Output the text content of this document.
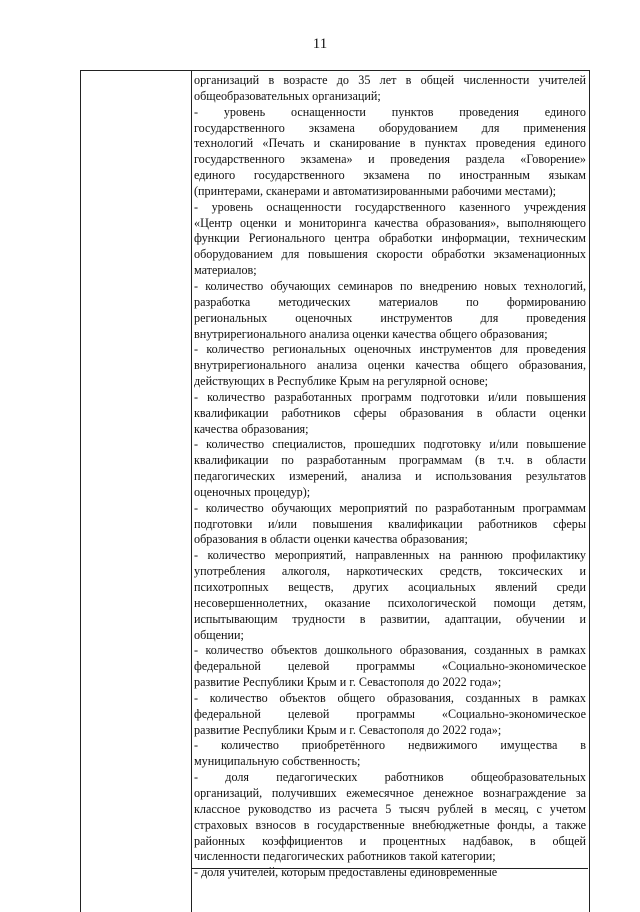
11
организаций в возрасте до 35 лет в общей численности учителей
общеобразовательных организаций;
- уровень оснащенности пунктов проведения единого
государственного экзамена оборудованием для применения
технологий «Печать и сканирование в пунктах проведения единого
государственного экзамена» и проведения раздела «Говорение»
единого государственного экзамена по иностранным языкам
(принтерами, сканерами и автоматизированными рабочими местами);
- уровень оснащенности государственного казенного учреждения
«Центр оценки и мониторинга качества образования», выполняющего
функции Регионального центра обработки информации, техническим
оборудованием для повышения скорости обработки экзаменационных
материалов;
- количество обучающих семинаров по внедрению новых технологий,
разработка методических материалов по формированию
региональных оценочных инструментов для проведения
внутрирегионального анализа оценки качества общего образования;
- количество региональных оценочных инструментов для проведения
внутрирегионального анализа оценки качества общего образования,
действующих в Республике Крым на регулярной основе;
- количество разработанных программ подготовки и/или повышения
квалификации работников сферы образования в области оценки
качества образования;
- количество специалистов, прошедших подготовку и/или повышение
квалификации по разработанным программам (в т.ч. в области
педагогических измерений, анализа и использования результатов
оценочных процедур);
- количество обучающих мероприятий по разработанным программам
подготовки и/или повышения квалификации работников сферы
образования в области оценки качества образования;
- количество мероприятий, направленных на раннюю профилактику
употребления алкоголя, наркотических средств, токсических и
психотропных веществ, других асоциальных явлений среди
несовершеннолетних, оказание психологической помощи детям,
испытывающим трудности в развитии, адаптации, обучении и
общении;
- количество объектов дошкольного образования, созданных в рамках
федеральной целевой программы «Социально-экономическое
развитие Республики Крым и г. Севастополя до 2022 года»;
- количество объектов общего образования, созданных в рамках
федеральной целевой программы «Социально-экономическое
развитие Республики Крым и г. Севастополя до 2022 года»;
- количество приобретённого недвижимого имущества в
муниципальную собственность;
- доля педагогических работников общеобразовательных
организаций, получивших ежемесячное денежное вознаграждение за
классное руководство из расчета 5 тысяч рублей в месяц, с учетом
страховых взносов в государственные внебюджетные фонды, а также
районных коэффициентов и процентных надбавок, в общей
численности педагогических работников такой категории;
- доля учителей, которым предоставлены единовременные
